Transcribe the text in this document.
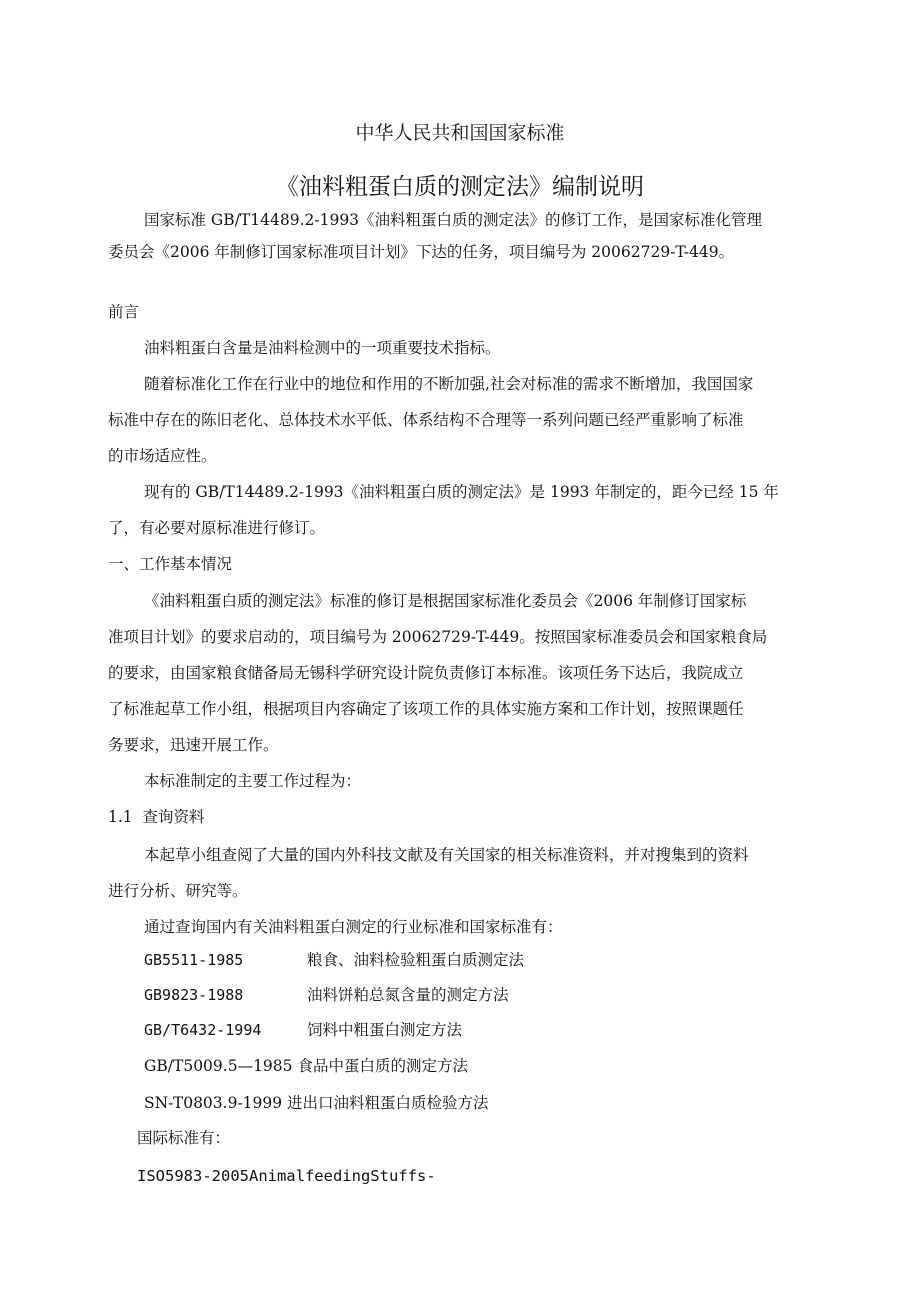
中华人民共和国国家标准
《油料粗蛋白质的测定法》编制说明
国家标准 GB/T14489.2-1993《油料粗蛋白质的测定法》的修订工作，是国家标准化管理
委员会《2006 年制修订国家标准项目计划》下达的任务，项目编号为 20062729-T-449。
前言
油料粗蛋白含量是油料检测中的一项重要技术指标。
随着标准化工作在行业中的地位和作用的不断加强,社会对标准的需求不断增加，我国国家
标准中存在的陈旧老化、总体技术水平低、体系结构不合理等一系列问题已经严重影响了标准
的市场适应性。
现有的 GB/T14489.2-1993《油料粗蛋白质的测定法》是 1993 年制定的，距今已经 15 年
了，有必要对原标准进行修订。
一、工作基本情况
《油料粗蛋白质的测定法》标准的修订是根据国家标准化委员会《2006 年制修订国家标
准项目计划》的要求启动的，项目编号为 20062729-T-449。按照国家标准委员会和国家粮食局
的要求，由国家粮食储备局无锡科学研究设计院负责修订本标准。该项任务下达后，我院成立
了标准起草工作小组，根据项目内容确定了该项工作的具体实施方案和工作计划，按照课题任
务要求，迅速开展工作。
本标准制定的主要工作过程为：
1.1 查询资料
本起草小组查阅了大量的国内外科技文献及有关国家的相关标准资料，并对搜集到的资料
进行分析、研究等。
通过查询国内有关油料粗蛋白测定的行业标准和国家标准有：
GB5511-1985	粮食、油料检验粗蛋白质测定法
GB9823-1988	油料饼粕总氮含量的测定方法
GB/T6432-1994	饲料中粗蛋白测定方法
GB/T5009.5—1985 食品中蛋白质的测定方法
SN-T0803.9-1999 进出口油料粗蛋白质检验方法
国际标准有：
ISO5983-2005AnimalfeedingStuffs-
